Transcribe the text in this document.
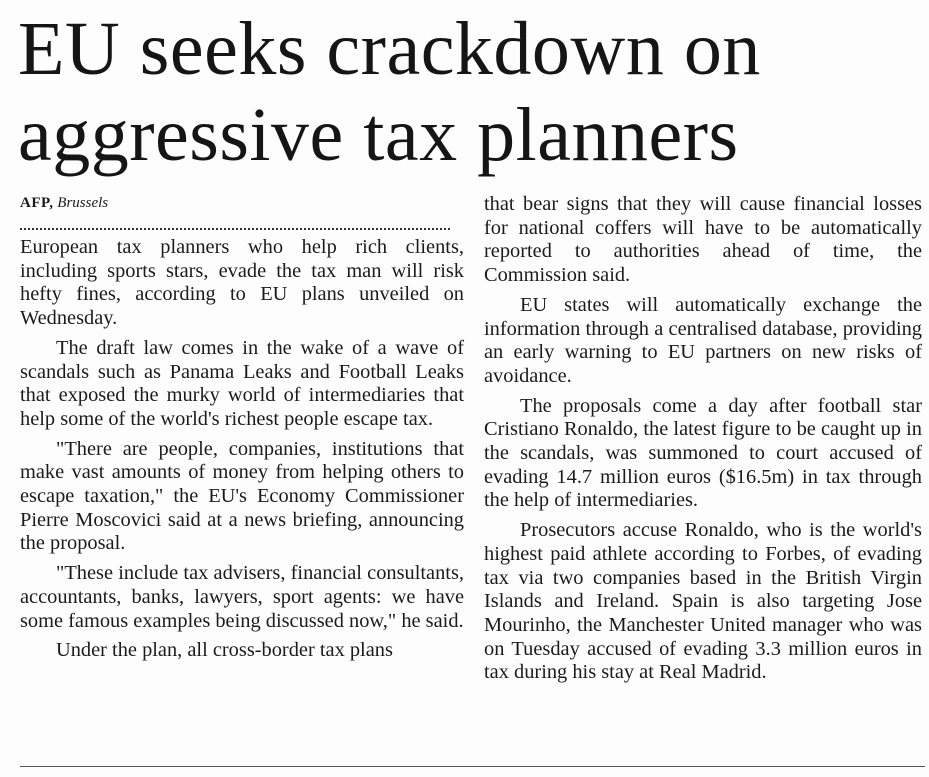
EU seeks crackdown on aggressive tax planners
AFP, Brussels

European tax planners who help rich clients, including sports stars, evade the tax man will risk hefty fines, according to EU plans unveiled on Wednesday.

The draft law comes in the wake of a wave of scandals such as Panama Leaks and Football Leaks that exposed the murky world of intermediaries that help some of the world's richest people escape tax.

"There are people, companies, institutions that make vast amounts of money from helping others to escape taxation," the EU's Economy Commissioner Pierre Moscovici said at a news briefing, announcing the proposal.

"These include tax advisers, financial consultants, accountants, banks, lawyers, sport agents: we have some famous examples being discussed now," he said.

Under the plan, all cross-border tax plans

that bear signs that they will cause financial losses for national coffers will have to be automatically reported to authorities ahead of time, the Commission said.

EU states will automatically exchange the information through a centralised database, providing an early warning to EU partners on new risks of avoidance.

The proposals come a day after football star Cristiano Ronaldo, the latest figure to be caught up in the scandals, was summoned to court accused of evading 14.7 million euros ($16.5m) in tax through the help of intermediaries.

Prosecutors accuse Ronaldo, who is the world's highest paid athlete according to Forbes, of evading tax via two companies based in the British Virgin Islands and Ireland. Spain is also targeting Jose Mourinho, the Manchester United manager who was on Tuesday accused of evading 3.3 million euros in tax during his stay at Real Madrid.
